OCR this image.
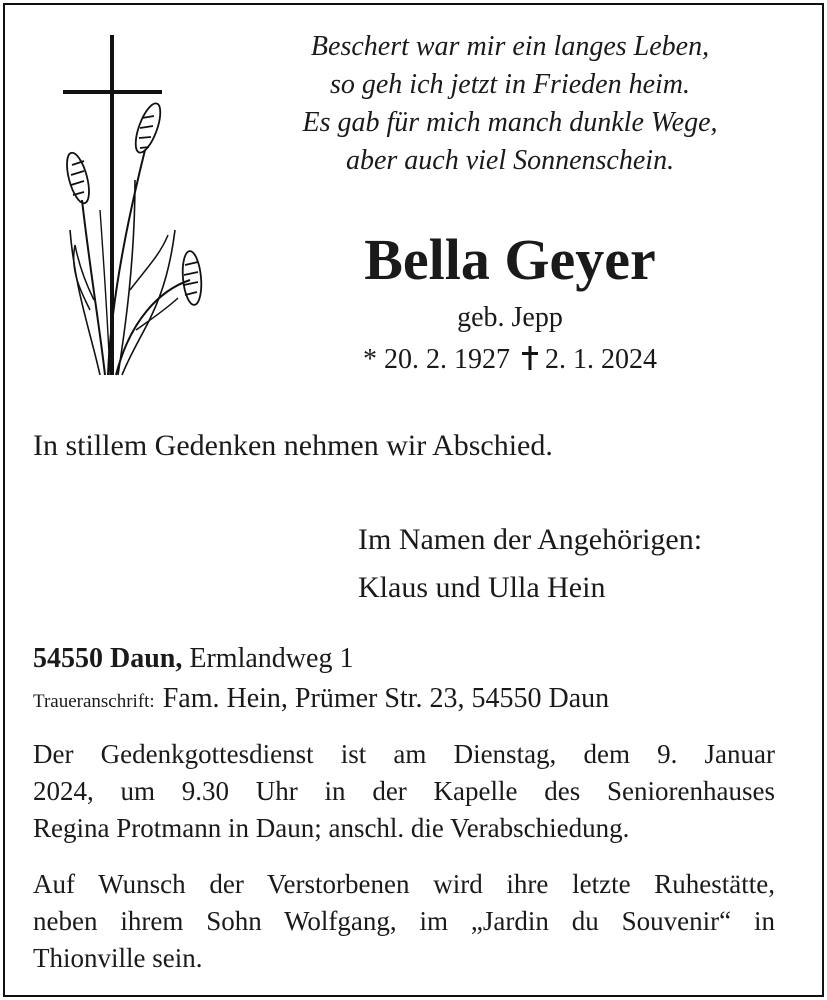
Beschert war mir ein langes Leben,
so geh ich jetzt in Frieden heim.
Es gab für mich manch dunkle Wege,
aber auch viel Sonnenschein.
Bella Geyer
geb. Jepp
* 20. 2. 1927 2. 1. 2024
In stillem Gedenken nehmen wir Abschied.
Im Namen der Angehörigen:
Klaus und Ulla Hein
54550 Daun, Ermlandweg 1
Traueranschrift: Fam. Hein, Prümer Str. 23, 54550 Daun
Der Gedenkgottesdienst ist am Dienstag, dem 9. Januar
2024, um 9.30 Uhr in der Kapelle des Seniorenhauses
Regina Protmann in Daun; anschl. die Verabschiedung.
Auf Wunsch der Verstorbenen wird ihre letzte Ruhestätte,
neben ihrem Sohn Wolfgang, im „Jardin du Souvenir“ in
Thionville sein.
